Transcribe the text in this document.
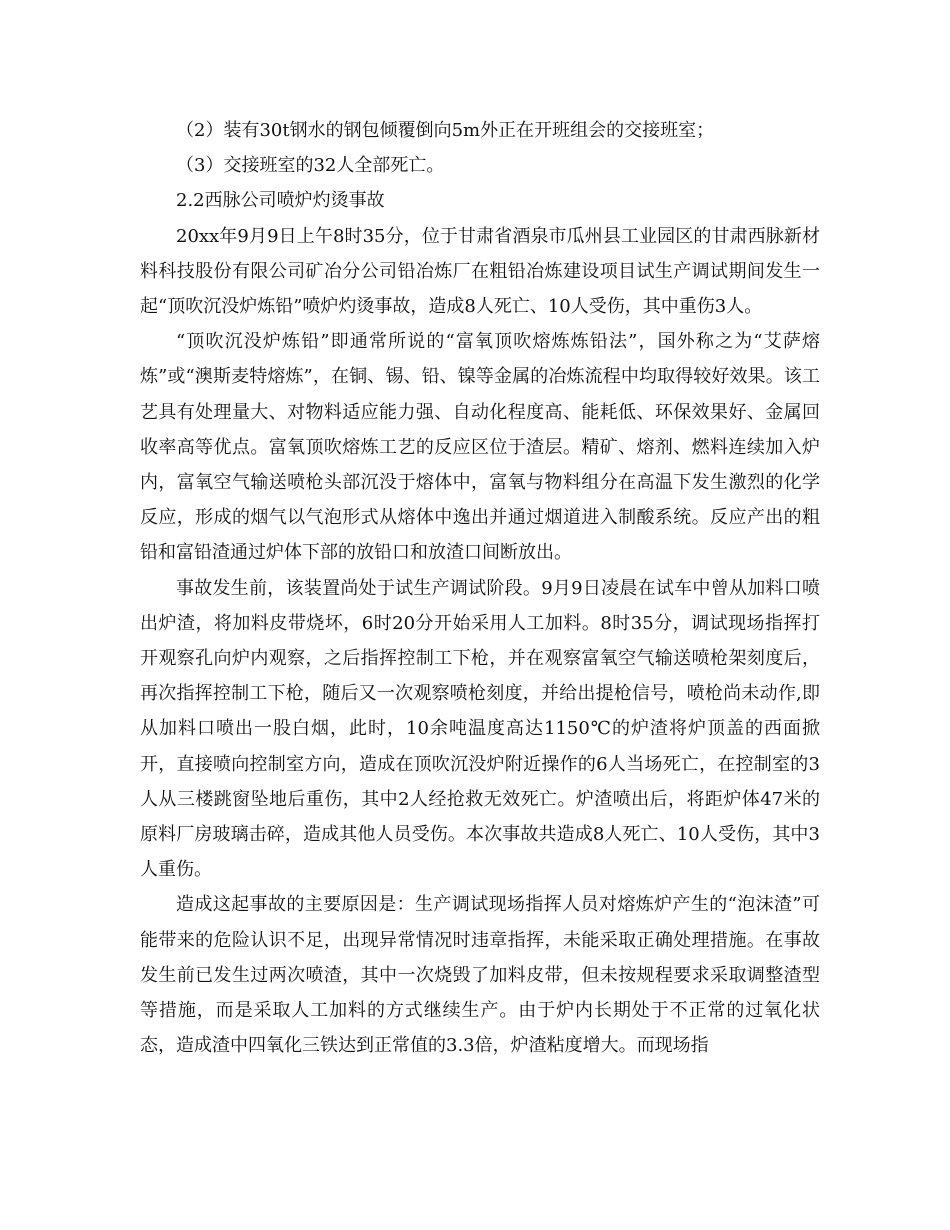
（2）装有30t钢水的钢包倾覆倒向5m外正在开班组会的交接班室；

（3）交接班室的32人全部死亡。

2.2西脉公司喷炉灼烫事故

20xx年9月9日上午8时35分，位于甘肃省酒泉市瓜州县工业园区的甘肃西脉新材料科技股份有限公司矿冶分公司铅冶炼厂在粗铅冶炼建设项目试生产调试期间发生一起“顶吹沉没炉炼铅”喷炉灼烫事故，造成8人死亡、10人受伤，其中重伤3人。

“顶吹沉没炉炼铅”即通常所说的“富氧顶吹熔炼炼铅法”，国外称之为“艾萨熔炼”或“澳斯麦特熔炼”，在铜、锡、铅、镍等金属的冶炼流程中均取得较好效果。该工艺具有处理量大、对物料适应能力强、自动化程度高、能耗低、环保效果好、金属回收率高等优点。富氧顶吹熔炼工艺的反应区位于渣层。精矿、熔剂、燃料连续加入炉内，富氧空气输送喷枪头部沉没于熔体中，富氧与物料组分在高温下发生激烈的化学反应，形成的烟气以气泡形式从熔体中逸出并通过烟道进入制酸系统。反应产出的粗铅和富铅渣通过炉体下部的放铅口和放渣口间断放出。

事故发生前，该装置尚处于试生产调试阶段。9月9日凌晨在试车中曾从加料口喷出炉渣，将加料皮带烧坏，6时20分开始采用人工加料。8时35分，调试现场指挥打开观察孔向炉内观察，之后指挥控制工下枪，并在观察富氧空气输送喷枪架刻度后，再次指挥控制工下枪，随后又一次观察喷枪刻度，并给出提枪信号，喷枪尚未动作,即从加料口喷出一股白烟，此时，10余吨温度高达1150℃的炉渣将炉顶盖的西面掀开，直接喷向控制室方向，造成在顶吹沉没炉附近操作的6人当场死亡，在控制室的3人从三楼跳窗坠地后重伤，其中2人经抢救无效死亡。炉渣喷出后，将距炉体47米的原料厂房玻璃击碎，造成其他人员受伤。本次事故共造成8人死亡、10人受伤，其中3人重伤。

造成这起事故的主要原因是：生产调试现场指挥人员对熔炼炉产生的“泡沫渣”可能带来的危险认识不足，出现异常情况时违章指挥，未能采取正确处理措施。在事故发生前已发生过两次喷渣，其中一次烧毁了加料皮带，但未按规程要求采取调整渣型等措施，而是采取人工加料的方式继续生产。由于炉内长期处于不正常的过氧化状态，造成渣中四氧化三铁达到正常值的3.3倍，炉渣粘度增大。而现场指
